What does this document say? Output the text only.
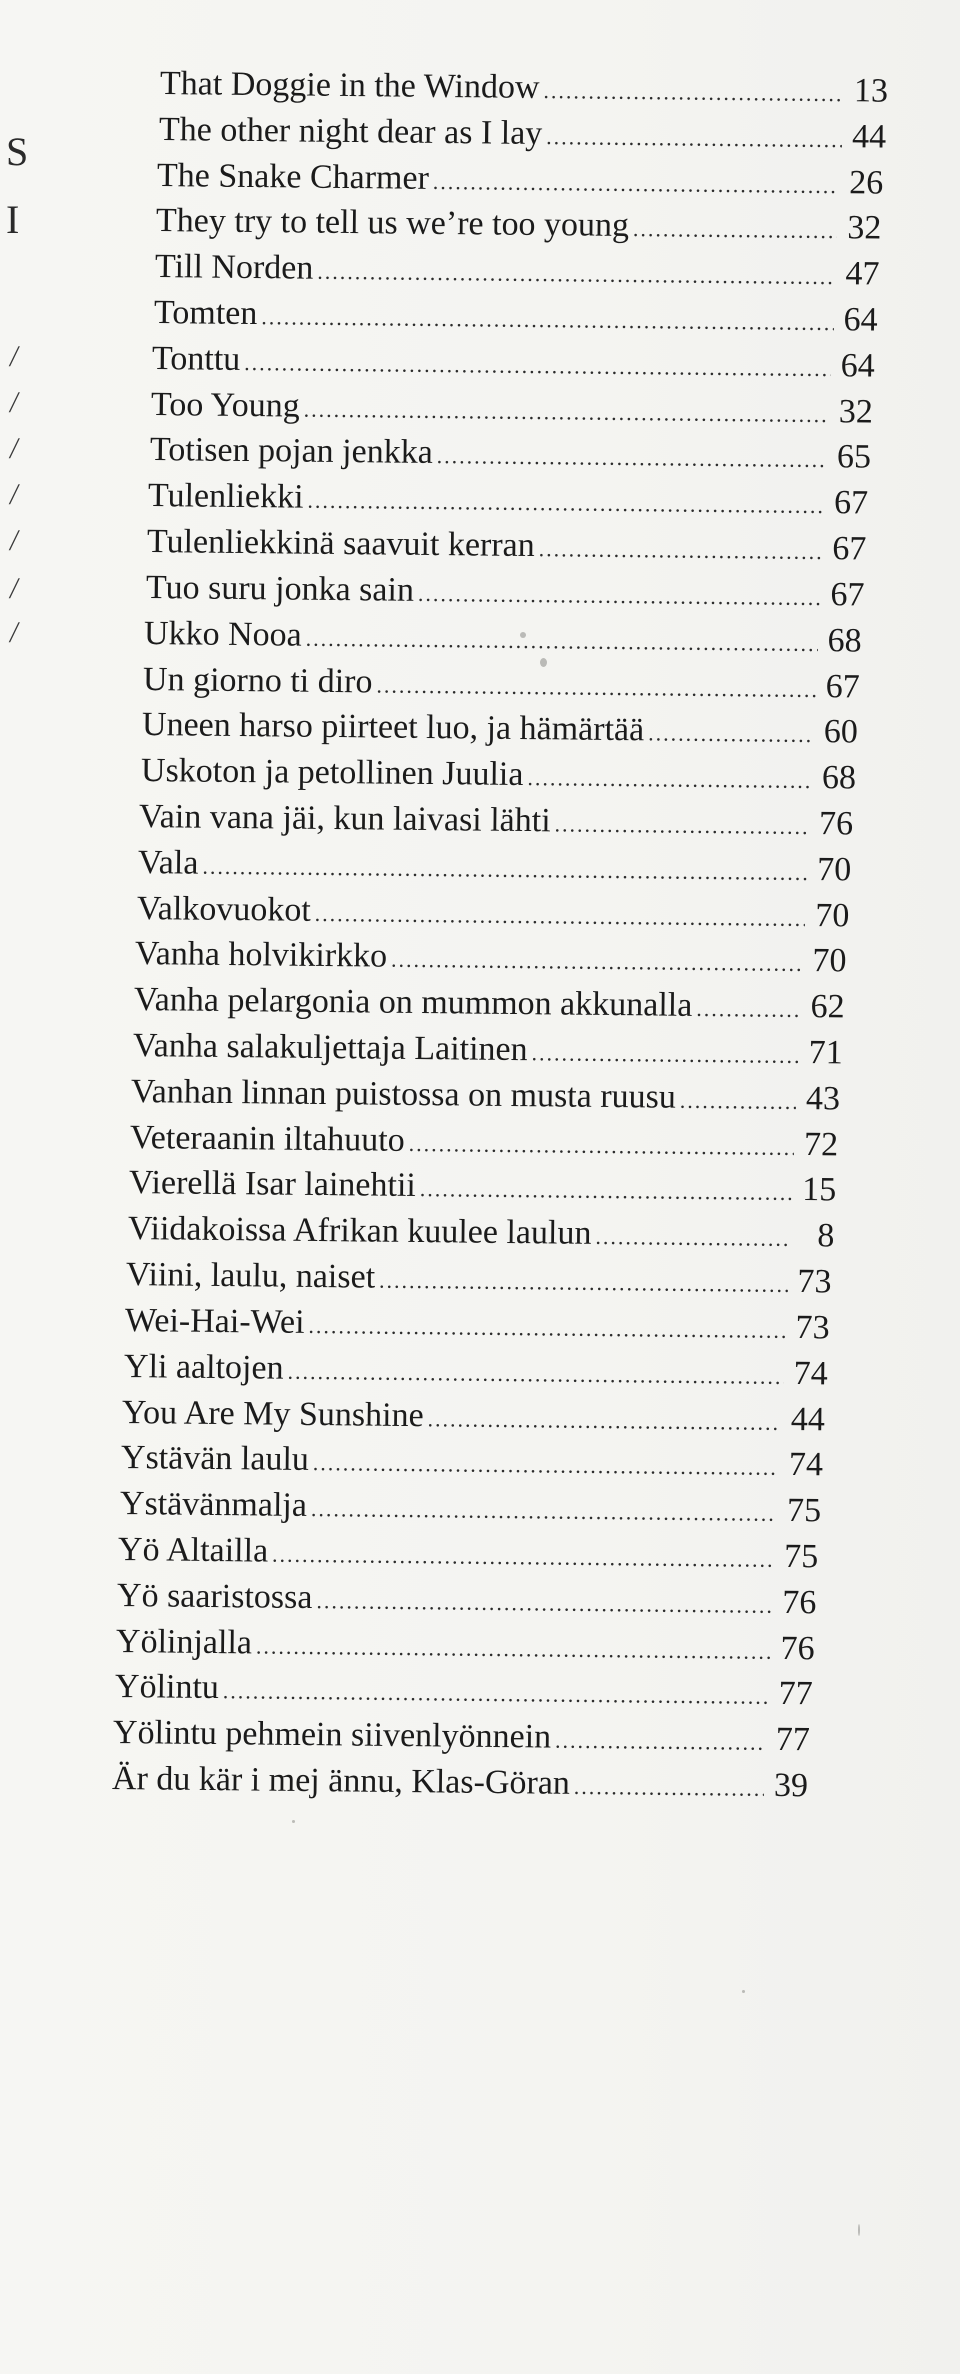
S
I
/
/
/
/
/
/
/
That Doggie in the Window .....	13
The other night dear as I lay .....	44
The Snake Charmer .....	26
They try to tell us we’re too young .....	32
Till Norden .....	47
Tomten .....	64
Tonttu .....	64
Too Young .....	32
Totisen pojan jenkka .....	65
Tulenliekki .....	67
Tulenliekkinä saavuit kerran .....	67
Tuo suru jonka sain .....	67
Ukko Nooa .....	68
Un giorno ti diro .....	67
Uneen harso piirteet luo, ja hämärtää .....	60
Uskoton ja petollinen Juulia .....	68
Vain vana jäi, kun laivasi lähti .....	76
Vala .....	70
Valkovuokot .....	70
Vanha holvikirkko .....	70
Vanha pelargonia on mummon akkunalla .....	62
Vanha salakuljettaja Laitinen .....	71
Vanhan linnan puistossa on musta ruusu .....	43
Veteraanin iltahuuto .....	72
Vierellä Isar lainehtii .....	15
Viidakoissa Afrikan kuulee laulun .....	8
Viini, laulu, naiset .....	73
Wei-Hai-Wei .....	73
Yli aaltojen .....	74
You Are My Sunshine .....	44
Ystävän laulu .....	74
Ystävänmalja .....	75
Yö Altailla .....	75
Yö saaristossa .....	76
Yölinjalla .....	76
Yölintu .....	77
Yölintu pehmein siivenlyönnein .....	77
Är du kär i mej ännu, Klas-Göran .....	39
